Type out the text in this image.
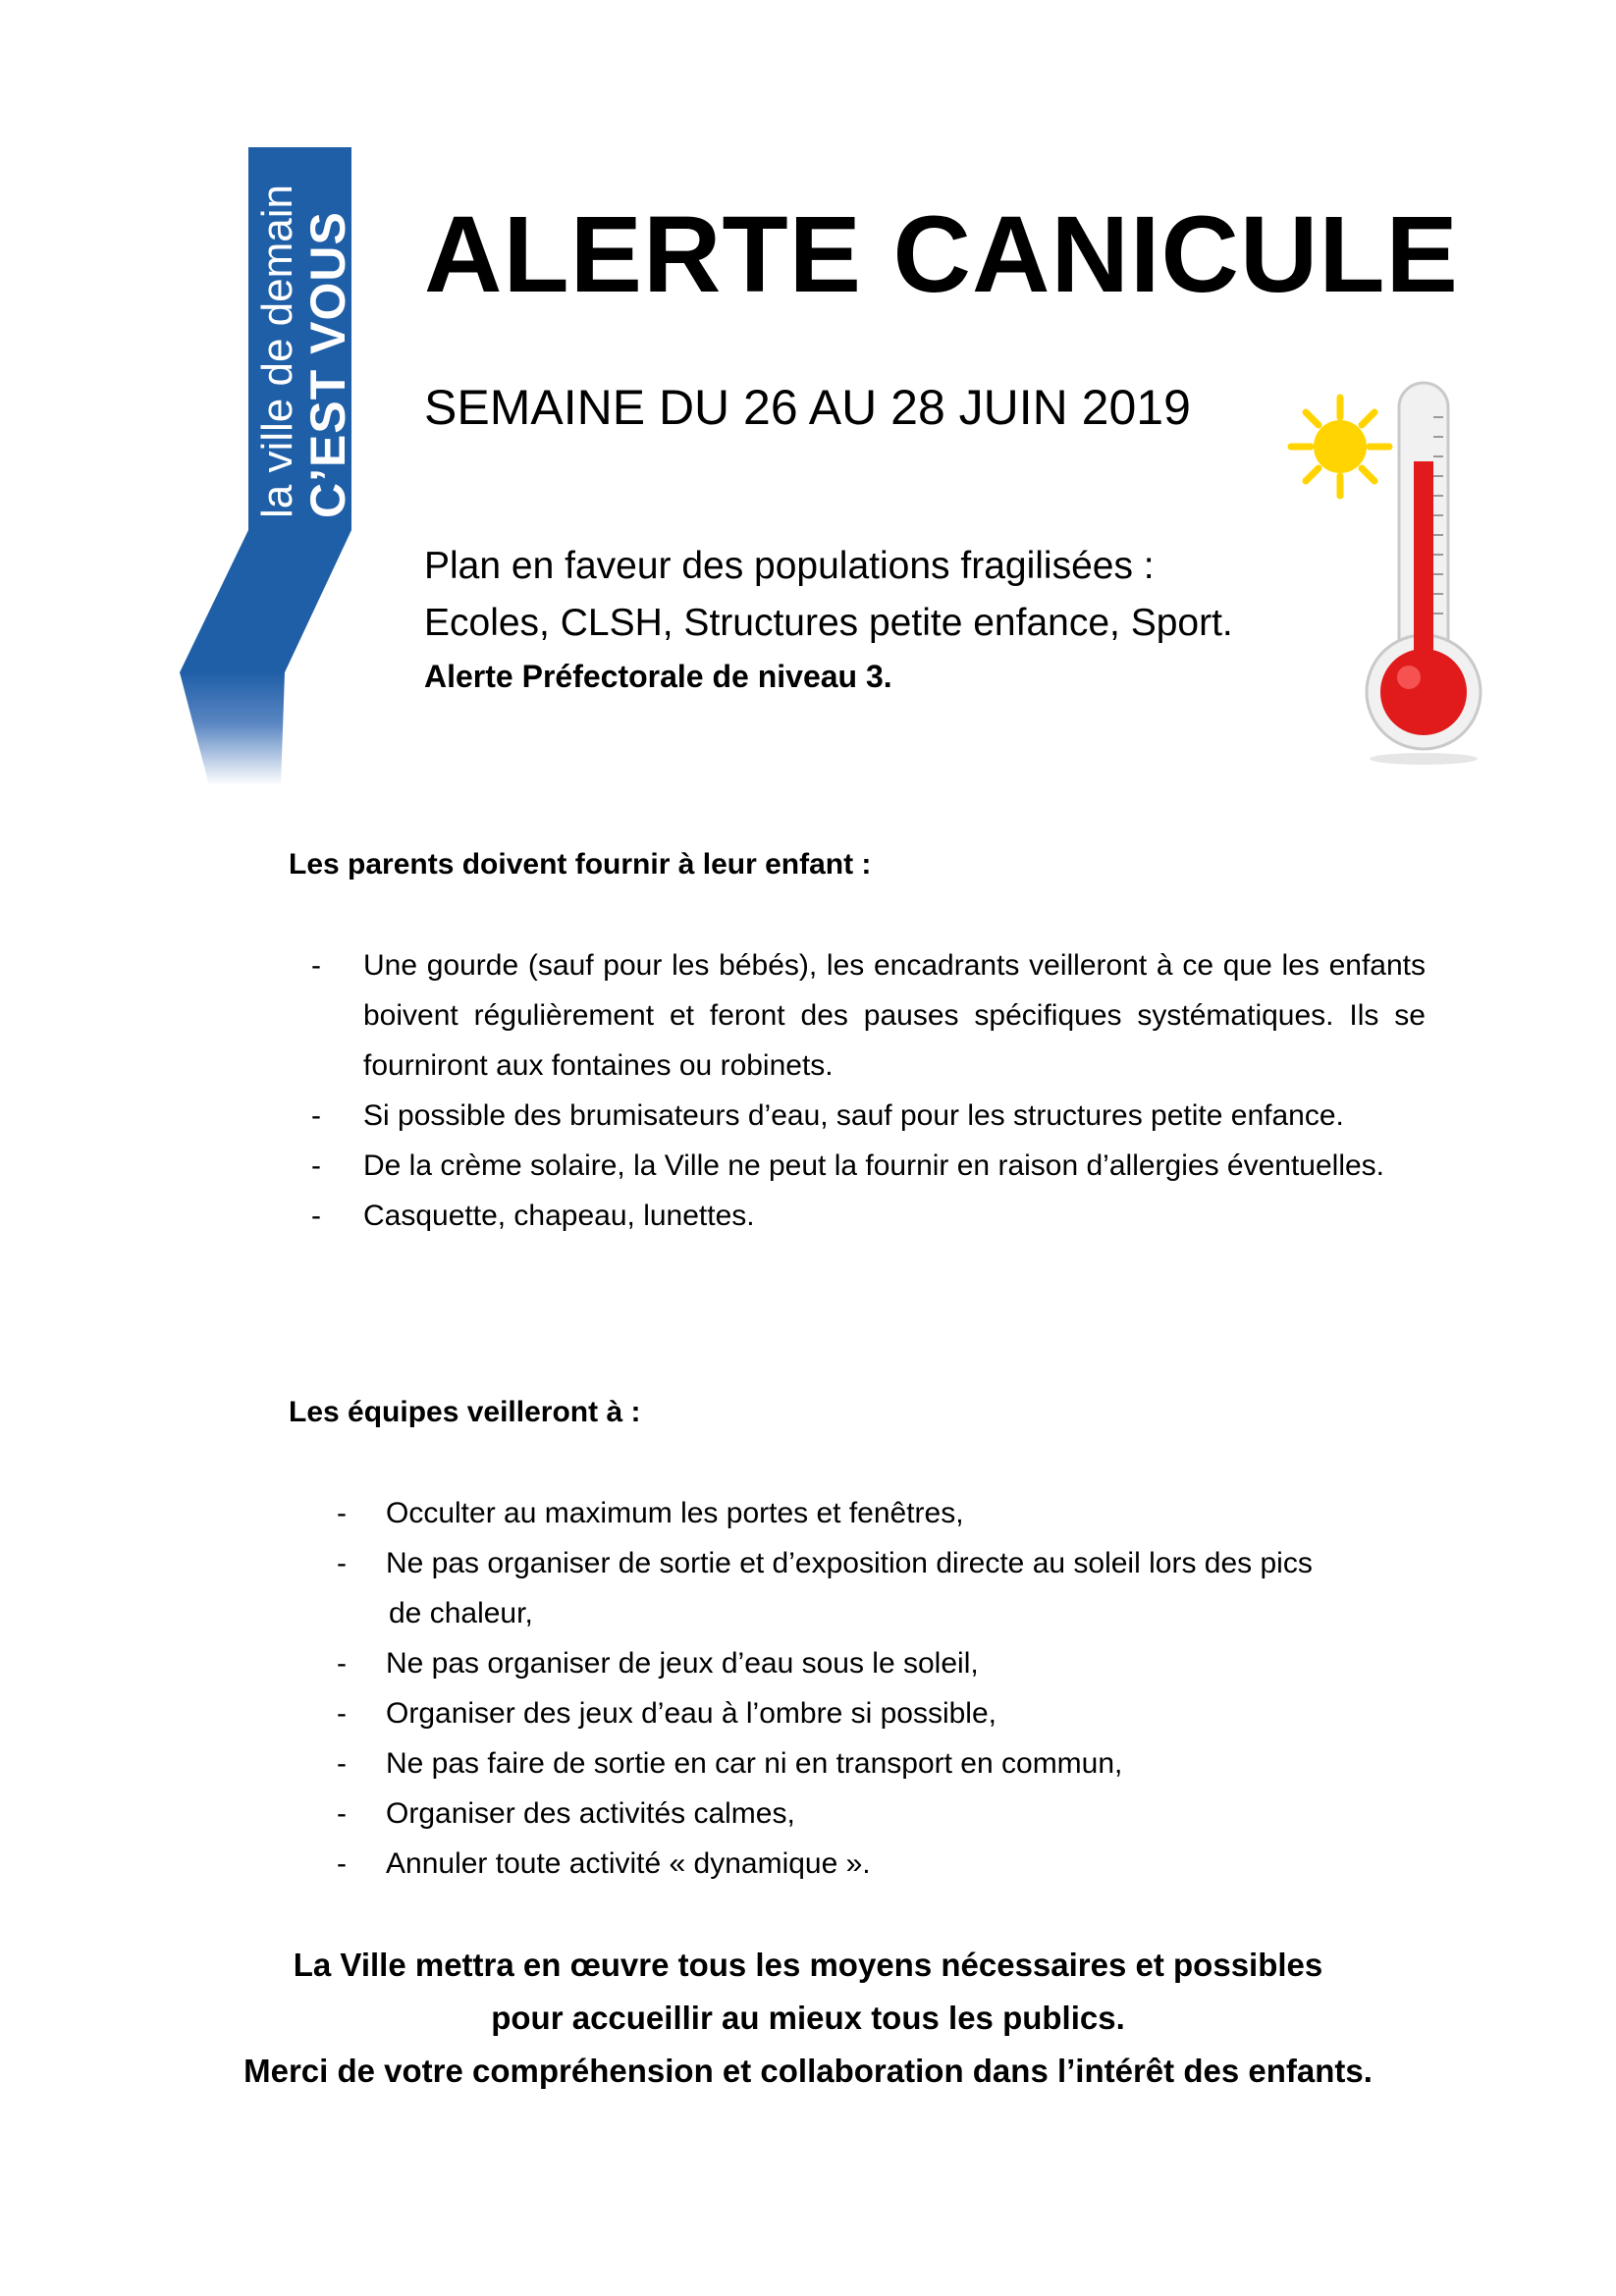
la ville de demain C’EST VOUS ALERTE CANICULE

SEMAINE DU 26 AU 28 JUIN 2019

Plan en faveur des populations fragilisées :
Ecoles, CLSH, Structures petite enfance, Sport.
Alerte Préfectorale de niveau 3.

Les parents doivent fournir à leur enfant :

- Une gourde (sauf pour les bébés), les encadrants veilleront à ce que les enfants boivent régulièrement et feront des pauses spécifiques systématiques. Ils se fourniront aux fontaines ou robinets.
- Si possible des brumisateurs d’eau, sauf pour les structures petite enfance.
- De la crème solaire, la Ville ne peut la fournir en raison d’allergies éventuelles.
- Casquette, chapeau, lunettes.

Les équipes veilleront à :

- Occulter au maximum les portes et fenêtres,
- Ne pas organiser de sortie et d’exposition directe au soleil lors des pics
de chaleur,
- Ne pas organiser de jeux d’eau sous le soleil,
- Organiser des jeux d’eau à l’ombre si possible,
- Ne pas faire de sortie en car ni en transport en commun,
- Organiser des activités calmes,
- Annuler toute activité « dynamique ».
La Ville mettra en œuvre tous les moyens nécessaires et possibles
pour accueillir au mieux tous les publics.
Merci de votre compréhension et collaboration dans l’intérêt des enfants.
